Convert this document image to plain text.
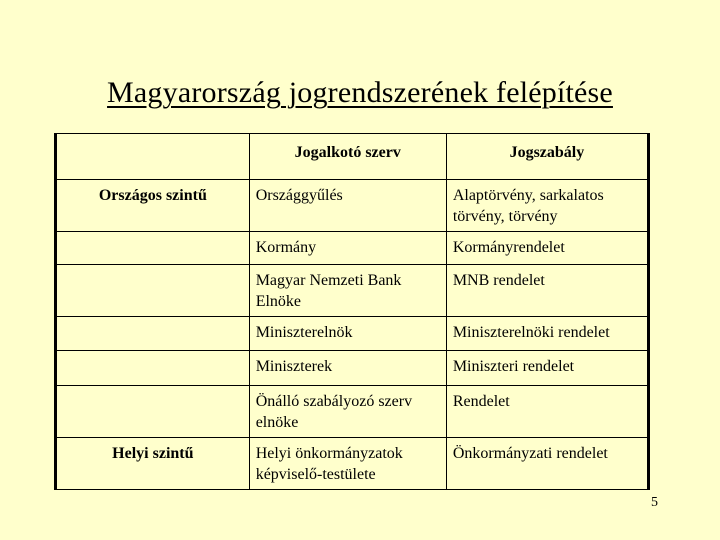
Magyarország jogrendszerének felépítése
	Jogalkotó szerv	Jogszabály
Országos szintű	Országgyűlés	Alaptörvény, sarkalatos törvény, törvény
	Kormány	Kormányrendelet
	Magyar Nemzeti Bank Elnöke	MNB rendelet
	Miniszterelnök	Miniszterelnöki rendelet
	Miniszterek	Miniszteri rendelet
	Önálló szabályozó szerv elnöke	Rendelet
Helyi szintű	Helyi önkormányzatok képviselő-testülete	Önkormányzati rendelet
5
